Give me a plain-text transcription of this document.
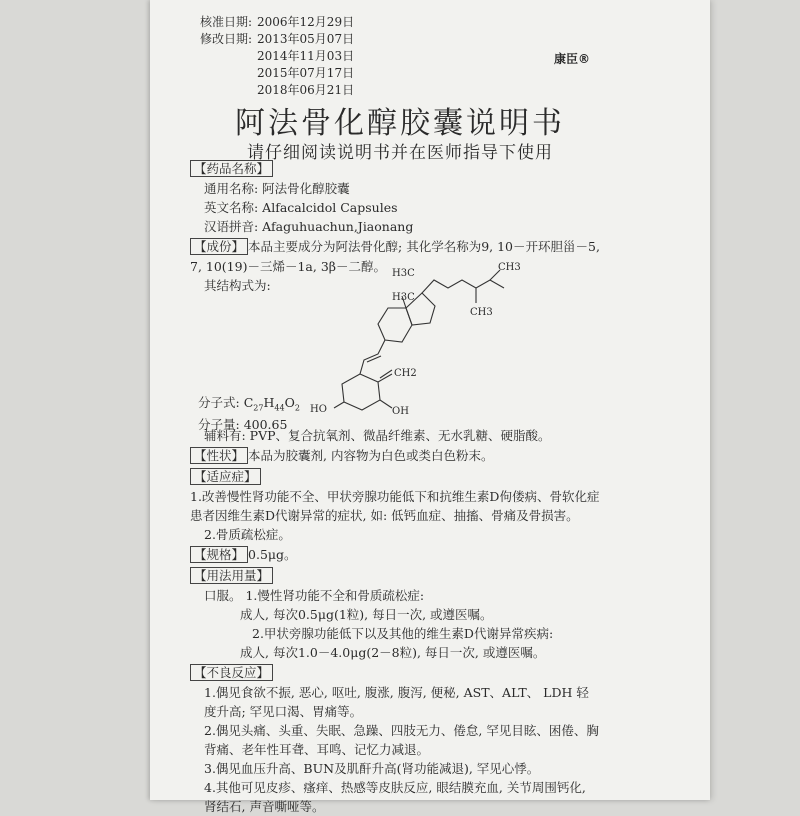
核准日期: 2006年12月29日
修改日期: 2013年05月07日
2014年11月03日
2015年07月17日
2018年06月21日
康臣®
阿法骨化醇胶囊说明书
请仔细阅读说明书并在医师指导下使用

【药品名称】

通用名称: 阿法骨化醇胶囊

英文名称: Alfacalcidol Capsules

汉语拼音: Afaguhuachun,Jiaonang

【成份】 本品主要成分为阿法骨化醇; 其化学名称为9, 10－开环胆甾－5,

7, 10(19)－三烯－1a, 3β－二醇。

其结构式为:

H3C
CH3
H3C
CH3
CH2
HO	OH
分子式:
$C_{27}H_{44}O_2$
分子量:
400.65

辅料有: PVP、复合抗氧剂、微晶纤维素、无水乳糖、硬脂酸。

【性状】 本品为胶囊剂, 内容物为白色或类白色粉末。

【适应症】

1.改善慢性肾功能不全、甲状旁腺功能低下和抗维生素D佝偻病、骨软化症

患者因维生素D代谢异常的症状, 如: 低钙血症、抽搐、骨痛及骨损害。

2.骨质疏松症。

【规格】 0.5μg。

【用法用量】

口服。 1.慢性肾功能不全和骨质疏松症:

成人, 每次0.5μg(1粒), 每日一次, 或遵医嘱。

2.甲状旁腺功能低下以及其他的维生素D代谢异常疾病:

成人, 每次1.0－4.0μg(2－8粒), 每日一次, 或遵医嘱。

【不良反应】

1.偶见食欲不振, 恶心, 呕吐, 腹涨, 腹泻, 便秘, AST、ALT、 LDH 轻

度升高; 罕见口渴、胃痛等。

2.偶见头痛、头重、失眠、急躁、四肢无力、倦怠, 罕见目眩、困倦、胸

背痛、老年性耳聋、耳鸣、记忆力减退。

3.偶见血压升高、BUN及肌酐升高(肾功能减退), 罕见心悸。

4.其他可见皮疹、瘙痒、热感等皮肤反应, 眼结膜充血, 关节周围钙化,

肾结石, 声音嘶哑等。
